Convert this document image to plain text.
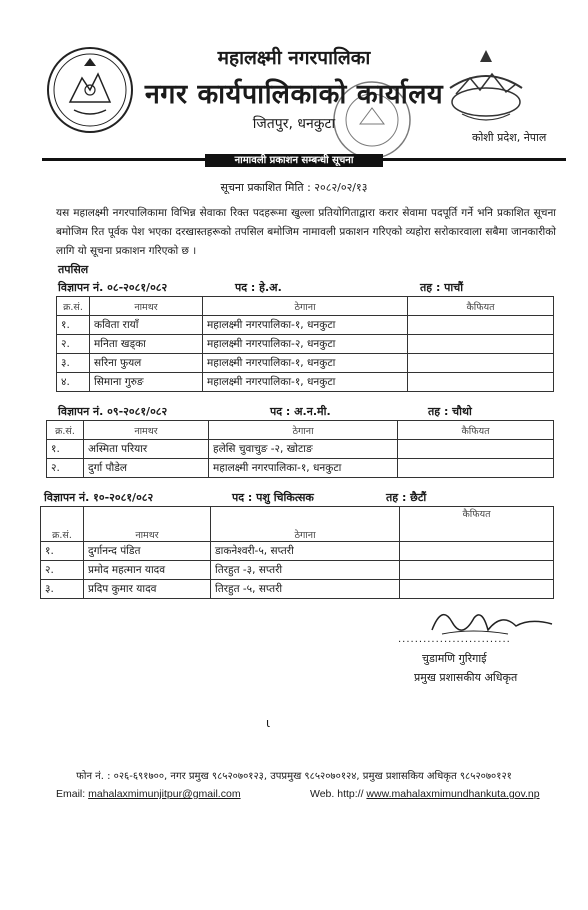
महालक्ष्मी नगरपालिका
नगर कार्यपालिकाको कार्यालय
जितपुर, धनकुटा
कोशी प्रदेश, नेपाल
नामावली प्रकाशन सम्बन्धी सूचना
सूचना प्रकाशित मिति : २०८२/०२/१३
यस महालक्ष्मी नगरपालिकामा विभिन्न सेवाका रिक्त पदहरूमा खुल्ला प्रतियोगिताद्वारा करार सेवामा पदपूर्ति गर्ने भनि प्रकाशित सूचना बमोजिम रित पूर्वक पेश भएका दरखास्तहरूको तपसिल बमोजिम नामावली प्रकाशन गरिएको व्यहोरा सरोकारवाला सबैमा जानकारीको लागि यो सूचना प्रकाशन गरिएको छ ।
तपसिल
विज्ञापन नं. ०८-२०८१/०८२	पद : हे.अ.	तह : पाचौं
क्र.सं.	नामथर	ठेगाना	कैफियत
१.	कविता रायाँ	महालक्ष्मी नगरपालिका-१, धनकुटा	
२.	मनिता खड्का	महालक्ष्मी नगरपालिका-२, धनकुटा	
३.	सरिना फुयल	महालक्ष्मी नगरपालिका-१, धनकुटा	
४.	सिमाना गुरुङ	महालक्ष्मी नगरपालिका-१, धनकुटा	
विज्ञापन नं. ०९-२०८१/०८२	पद : अ.न.मी.	तह : चौथो
क्र.सं.	नामथर	ठेगाना	कैफियत
१.	अस्मिता परियार	हलेसि चुवाचुङ -२, खोटाङ	
२.	दुर्गा पौडेल	महालक्ष्मी नगरपालिका-१, धनकुटा	
विज्ञापन नं. १०-२०८१/०८२	पद : पशु चिकित्सक	तह : छैटौं
क्र.सं.	नामथर	ठेगाना	कैफियत
१.	दुर्गानन्द पंडित	डाकनेश्वरी-५, सप्तरी	
२.	प्रमोद महत्मान यादव	तिरहुत -३, सप्तरी	
३.	प्रदिप कुमार यादव	तिरहुत -५, सप्तरी	
...........................
चुडामणि गुरिगाई
प्रमुख प्रशासकीय अधिकृत
ɩ
फोन नं. : ०२६-६९१७००, नगर प्रमुख ९८५२०७०१२३, उपप्रमुख ९८५२०७०१२४, प्रमुख प्रशासकिय अधिकृत ९८५२०७०१२१
Email: mahalaxmimunjitpur@gmail.com	Web. http:// www.mahalaxmimundhankuta.gov.np
